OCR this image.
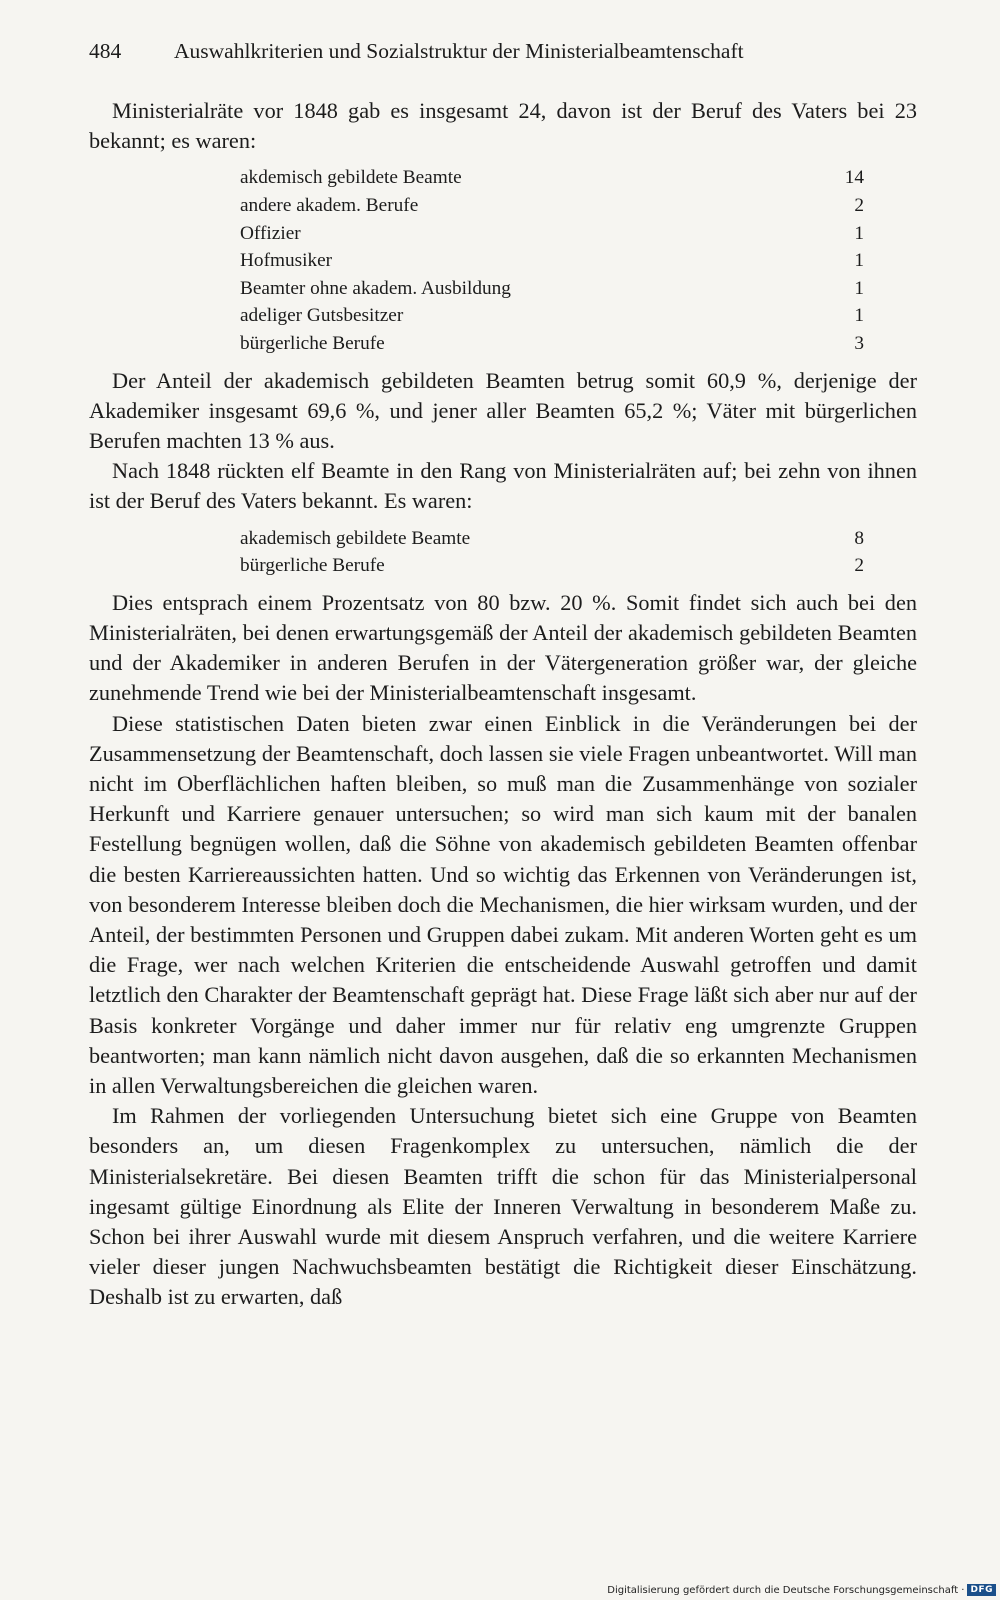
484 Auswahlkriterien und Sozialstruktur der Ministerialbeamtenschaft

Ministerialräte vor 1848 gab es insgesamt 24, davon ist der Beruf des Vaters bei 23 bekannt; es waren:

akdemisch gebildete Beamte	14
andere akadem. Berufe	2
Offizier	1
Hofmusiker	1
Beamter ohne akadem. Ausbildung	1
adeliger Gutsbesitzer	1
bürgerliche Berufe	3

Der Anteil der akademisch gebildeten Beamten betrug somit 60,9 %, derjenige der Akademiker insgesamt 69,6 %, und jener aller Beamten 65,2 %; Väter mit bürgerlichen Berufen machten 13 % aus.

Nach 1848 rückten elf Beamte in den Rang von Ministerialräten auf; bei zehn von ihnen ist der Beruf des Vaters bekannt. Es waren:

akademisch gebildete Beamte	8
bürgerliche Berufe	2

Dies entsprach einem Prozentsatz von 80 bzw. 20 %. Somit findet sich auch bei den Ministerialräten, bei denen erwartungsgemäß der Anteil der akademisch gebildeten Beamten und der Akademiker in anderen Berufen in der Vätergeneration größer war, der gleiche zunehmende Trend wie bei der Ministerialbeamtenschaft insgesamt.

Diese statistischen Daten bieten zwar einen Einblick in die Veränderungen bei der Zusammensetzung der Beamtenschaft, doch lassen sie viele Fragen unbeantwortet. Will man nicht im Oberflächlichen haften bleiben, so muß man die Zusammenhänge von sozialer Herkunft und Karriere genauer untersuchen; so wird man sich kaum mit der banalen Festellung begnügen wollen, daß die Söhne von akademisch gebildeten Beamten offenbar die besten Karriereaussichten hatten. Und so wichtig das Erkennen von Veränderungen ist, von besonderem Interesse bleiben doch die Mechanismen, die hier wirksam wurden, und der Anteil, der bestimmten Personen und Gruppen dabei zukam. Mit anderen Worten geht es um die Frage, wer nach welchen Kriterien die entscheidende Auswahl getroffen und damit letztlich den Charakter der Beamtenschaft geprägt hat. Diese Frage läßt sich aber nur auf der Basis konkreter Vorgänge und daher immer nur für relativ eng umgrenzte Gruppen beantworten; man kann nämlich nicht davon ausgehen, daß die so erkannten Mechanismen in allen Verwaltungsbereichen die gleichen waren.

Im Rahmen der vorliegenden Untersuchung bietet sich eine Gruppe von Beamten besonders an, um diesen Fragenkomplex zu untersuchen, nämlich die der Ministerialsekretäre. Bei diesen Beamten trifft die schon für das Ministerialpersonal ingesamt gültige Einordnung als Elite der Inneren Verwaltung in besonderem Maße zu. Schon bei ihrer Auswahl wurde mit diesem Anspruch verfahren, und die weitere Karriere vieler dieser jungen Nachwuchsbeamten bestätigt die Richtigkeit dieser Einschätzung. Deshalb ist zu erwarten, daß

Digitalisierung gefördert durch die Deutsche Forschungsgemeinschaft · DFG
